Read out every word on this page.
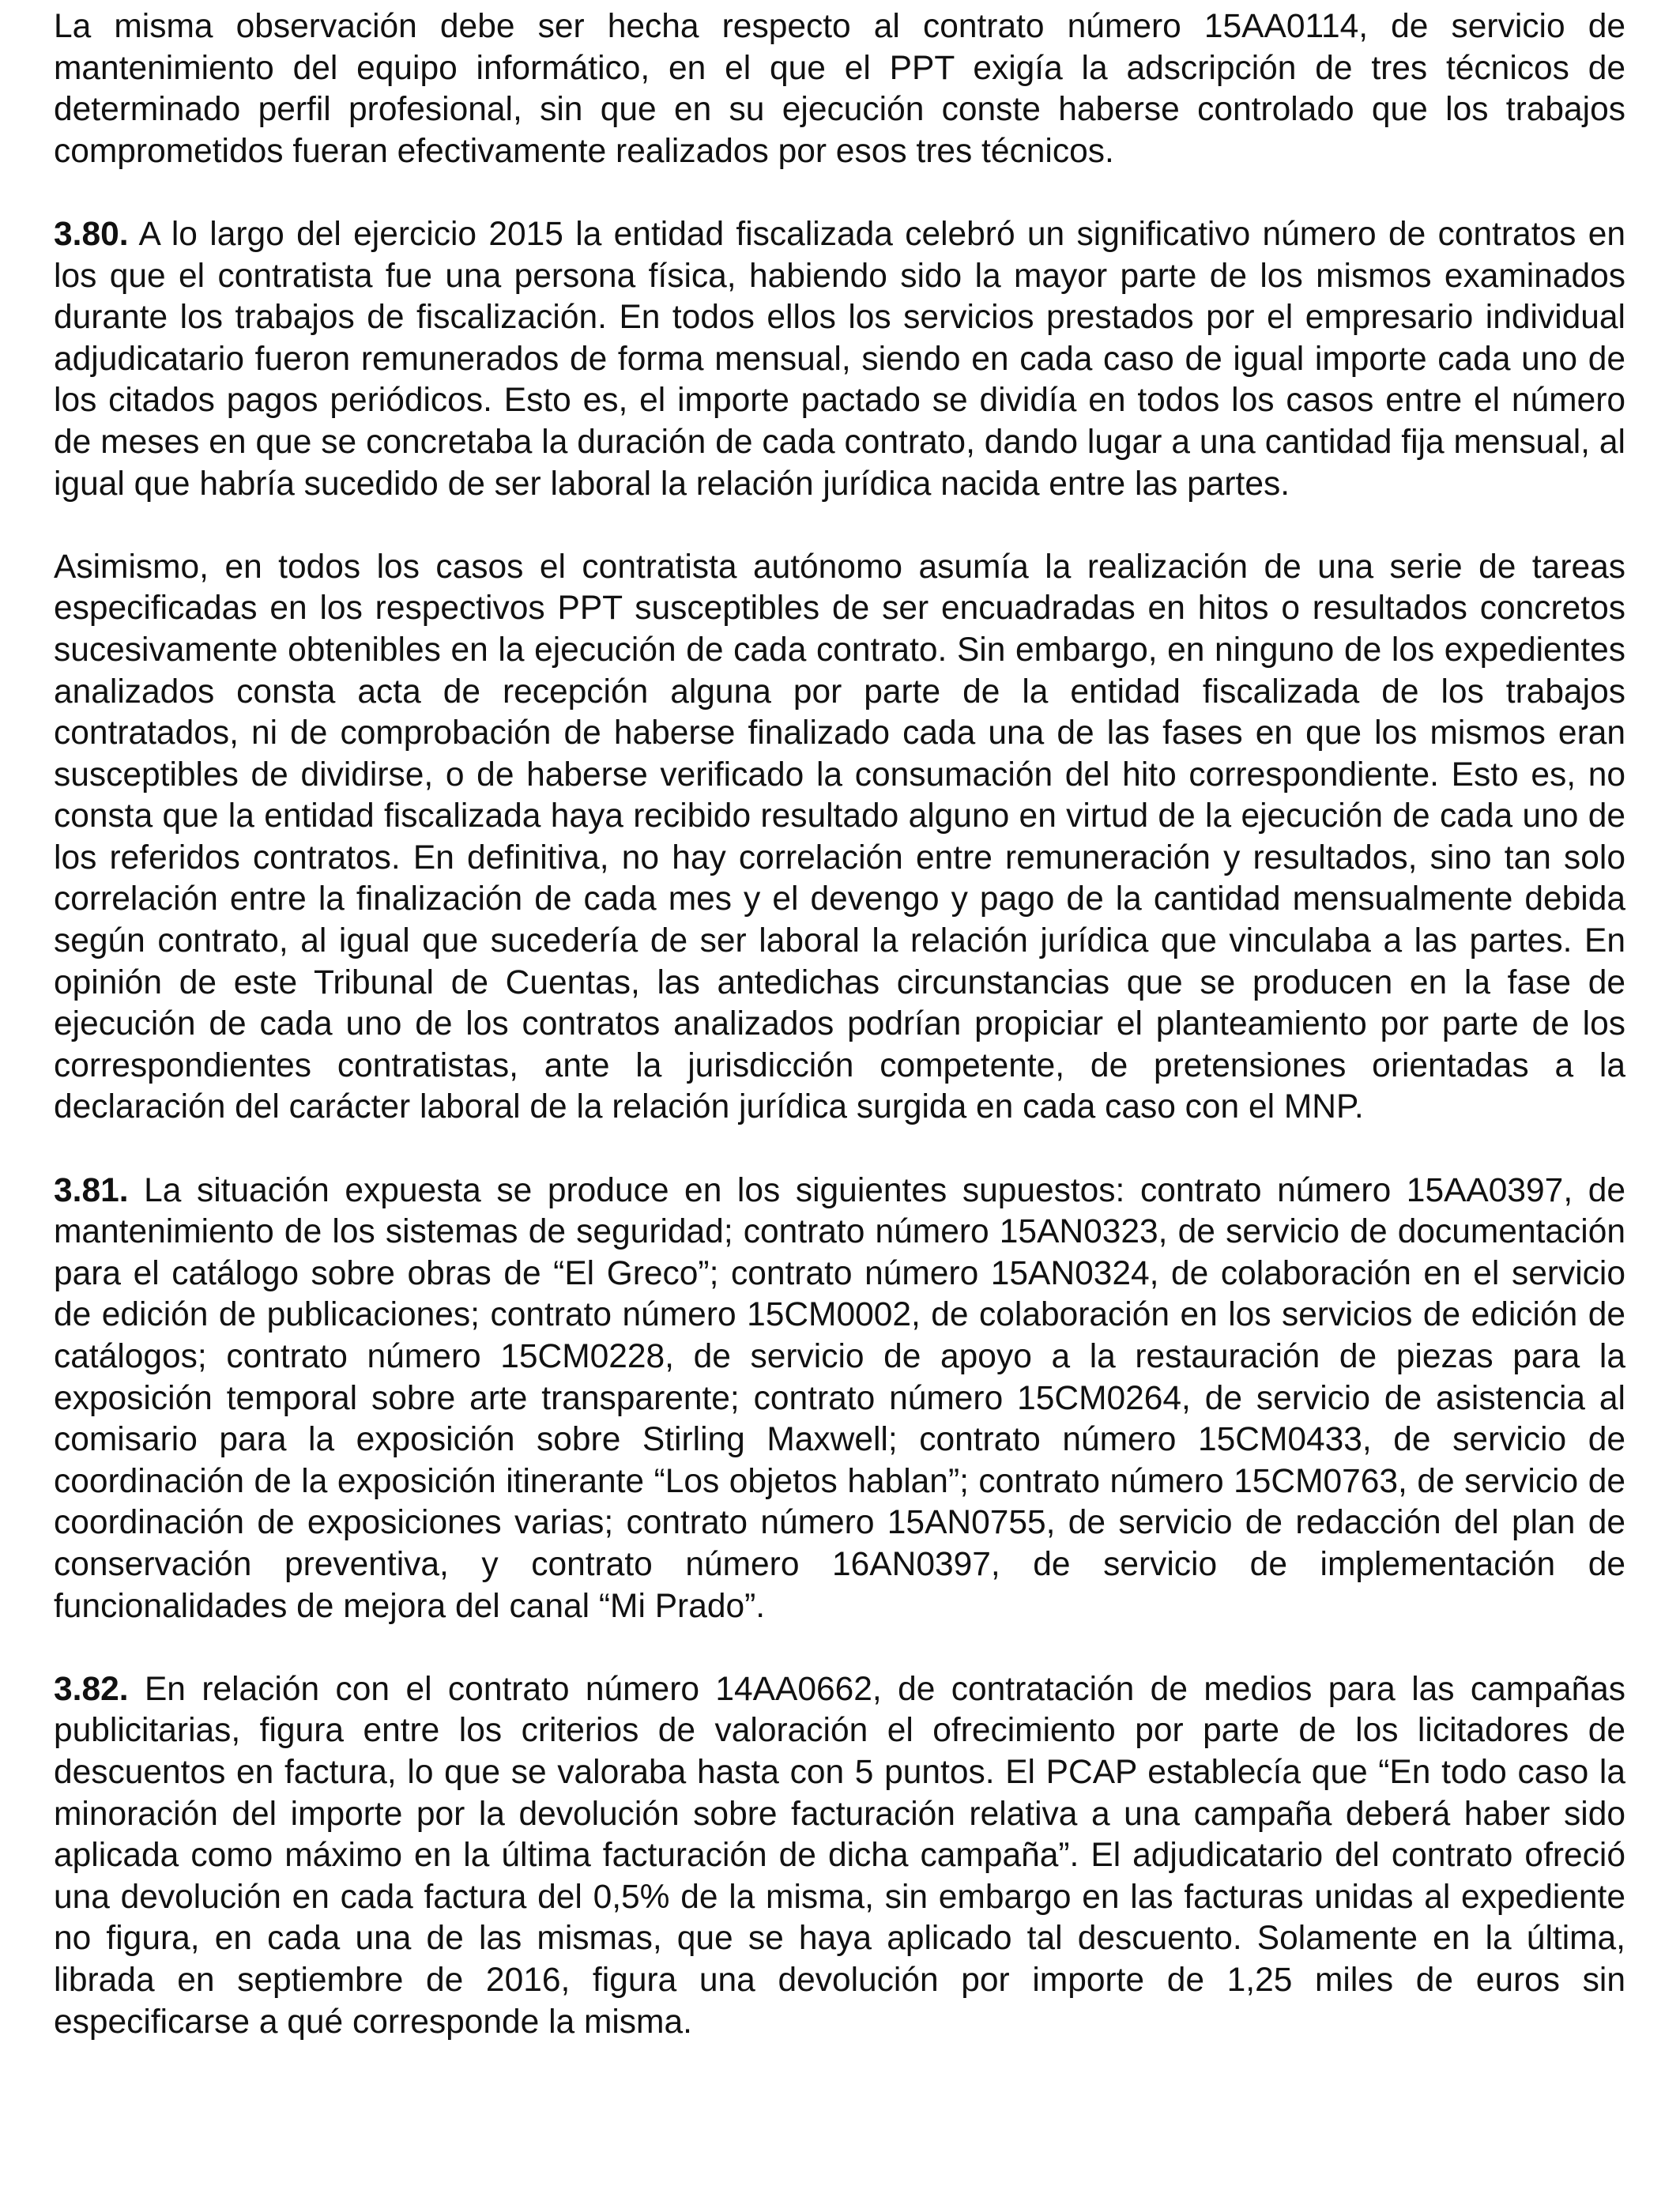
La misma observación debe ser hecha respecto al contrato número 15AA0114, de servicio de mantenimiento del equipo informático, en el que el PPT exigía la adscripción de tres técnicos de determinado perfil profesional, sin que en su ejecución conste haberse controlado que los trabajos comprometidos fueran efectivamente realizados por esos tres técnicos.

3.80. A lo largo del ejercicio 2015 la entidad fiscalizada celebró un significativo número de contratos en los que el contratista fue una persona física, habiendo sido la mayor parte de los mismos examinados durante los trabajos de fiscalización. En todos ellos los servicios prestados por el empresario individual adjudicatario fueron remunerados de forma mensual, siendo en cada caso de igual importe cada uno de los citados pagos periódicos. Esto es, el importe pactado se dividía en todos los casos entre el número de meses en que se concretaba la duración de cada contrato, dando lugar a una cantidad fija mensual, al igual que habría sucedido de ser laboral la relación jurídica nacida entre las partes.

Asimismo, en todos los casos el contratista autónomo asumía la realización de una serie de tareas especificadas en los respectivos PPT susceptibles de ser encuadradas en hitos o resultados concretos sucesivamente obtenibles en la ejecución de cada contrato. Sin embargo, en ninguno de los expedientes analizados consta acta de recepción alguna por parte de la entidad fiscalizada de los trabajos contratados, ni de comprobación de haberse finalizado cada una de las fases en que los mismos eran susceptibles de dividirse, o de haberse verificado la consumación del hito correspondiente. Esto es, no consta que la entidad fiscalizada haya recibido resultado alguno en virtud de la ejecución de cada uno de los referidos contratos. En definitiva, no hay correlación entre remuneración y resultados, sino tan solo correlación entre la finalización de cada mes y el devengo y pago de la cantidad mensualmente debida según contrato, al igual que sucedería de ser laboral la relación jurídica que vinculaba a las partes. En opinión de este Tribunal de Cuentas, las antedichas circunstancias que se producen en la fase de ejecución de cada uno de los contratos analizados podrían propiciar el planteamiento por parte de los correspondientes contratistas, ante la jurisdicción competente, de pretensiones orientadas a la declaración del carácter laboral de la relación jurídica surgida en cada caso con el MNP.

3.81. La situación expuesta se produce en los siguientes supuestos: contrato número 15AA0397, de mantenimiento de los sistemas de seguridad; contrato número 15AN0323, de servicio de documentación para el catálogo sobre obras de “El Greco”; contrato número 15AN0324, de colaboración en el servicio de edición de publicaciones; contrato número 15CM0002, de colaboración en los servicios de edición de catálogos; contrato número 15CM0228, de servicio de apoyo a la restauración de piezas para la exposición temporal sobre arte transparente; contrato número 15CM0264, de servicio de asistencia al comisario para la exposición sobre Stirling Maxwell; contrato número 15CM0433, de servicio de coordinación de la exposición itinerante “Los objetos hablan”; contrato número 15CM0763, de servicio de coordinación de exposiciones varias; contrato número 15AN0755, de servicio de redacción del plan de conservación preventiva, y contrato número 16AN0397, de servicio de implementación de funcionalidades de mejora del canal “Mi Prado”.

3.82. En relación con el contrato número 14AA0662, de contratación de medios para las campañas publicitarias, figura entre los criterios de valoración el ofrecimiento por parte de los licitadores de descuentos en factura, lo que se valoraba hasta con 5 puntos. El PCAP establecía que “En todo caso la minoración del importe por la devolución sobre facturación relativa a una campaña deberá haber sido aplicada como máximo en la última facturación de dicha campaña”. El adjudicatario del contrato ofreció una devolución en cada factura del 0,5% de la misma, sin embargo en las facturas unidas al expediente no figura, en cada una de las mismas, que se haya aplicado tal descuento. Solamente en la última, librada en septiembre de 2016, figura una devolución por importe de 1,25 miles de euros sin especificarse a qué corresponde la misma.
